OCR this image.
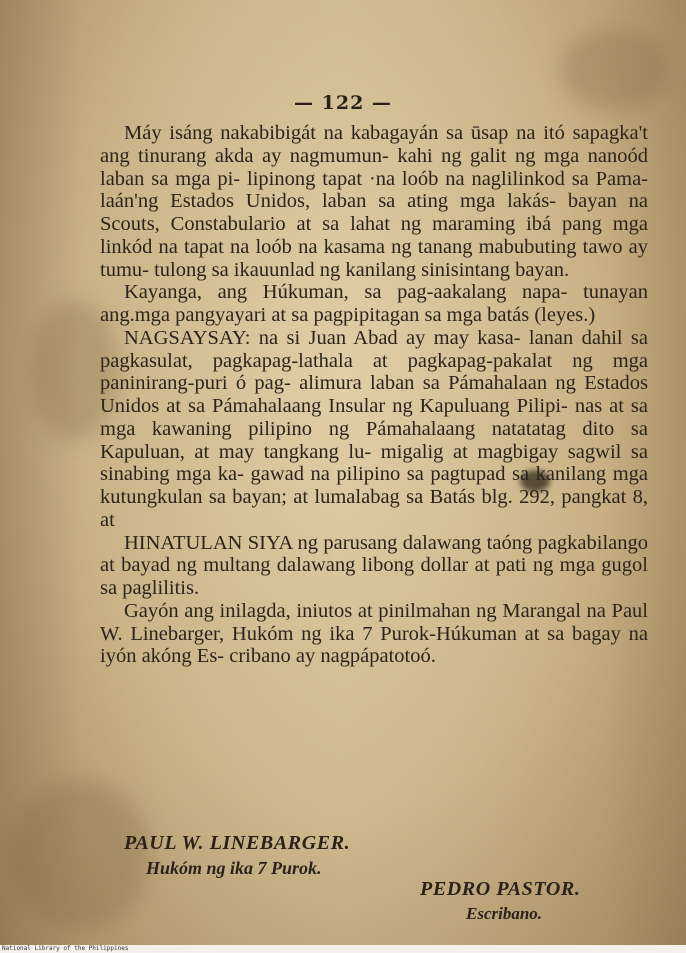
— 122 —

Máy isáng nakabibigát na kabagayán sa ūsap na itó sapagka't ang tinurang akda ay nagmumun- kahi ng galit ng mga nanoód laban sa mga pi- lipinong tapat ·na loób na naglilinkod sa Pama- laán'ng Estados Unidos, laban sa ating mga lakás- bayan na Scouts, Constabulario at sa lahat ng maraming ibá pang mga linkód na tapat na loób na kasama ng tanang mabubuting tawo ay tumu- tulong sa ikauunlad ng kanilang sinisintang bayan.

Kayanga, ang Húkuman, sa pag-aakalang napa- tunayan ang.mga pangyayari at sa pagpipitagan sa mga batás (leyes.)

NAGSAYSAY: na si Juan Abad ay may kasa- lanan dahil sa pagkasulat, pagkapag-lathala at pagkapag-pakalat ng mga paninirang-puri ó pag- alimura laban sa Pámahalaan ng Estados Unidos at sa Pámahalaang Insular ng Kapuluang Pilipi- nas at sa mga kawaning pilipino ng Pámahalaang natatatag dito sa Kapuluan, at may tangkang lu- migalig at magbigay sagwil sa sinabing mga ka- gawad na pilipino sa pagtupad sa kanilang mga kutungkulan sa bayan; at lumalabag sa Batás blg. 292, pangkat 8, at

HINATULAN SIYA ng parusang dalawang taóng pagkabilango at bayad ng multang dalawang libong dollar at pati ng mga gugol sa paglilitis.

Gayón ang inilagda, iniutos at pinilmahan ng Marangal na Paul W. Linebarger, Hukóm ng ika 7 Purok-Húkuman at sa bagay na iyón akóng Es- cribano ay nagpápatotoó.

PAUL W. LINEBARGER.
Hukóm ng ika 7 Purok.
PEDRO PASTOR.
Escribano.
National Library of the Philippines
